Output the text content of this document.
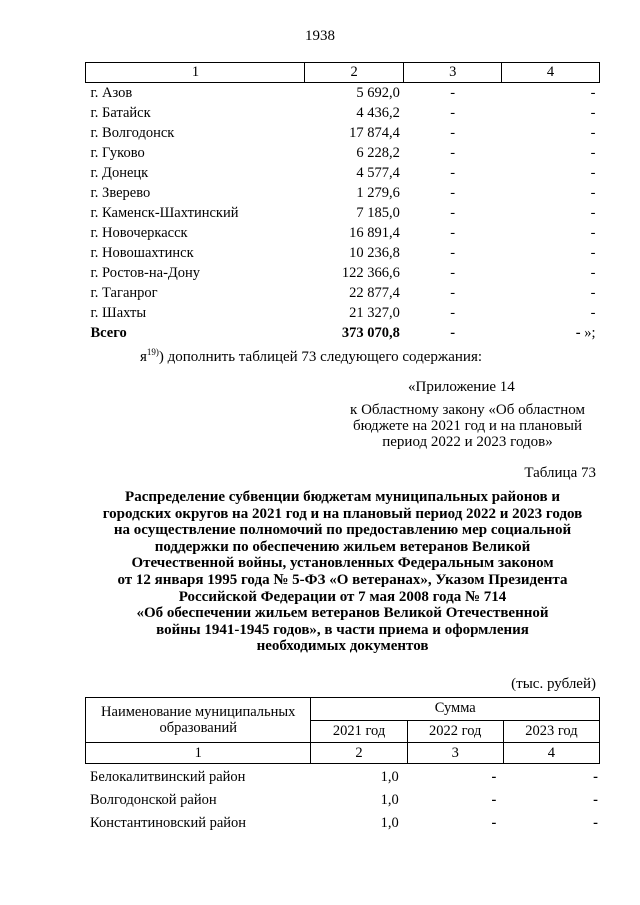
1938
1	2	3	4
г. Азов	5 692,0	-	-
г. Батайск	4 436,2	-	-
г. Волгодонск	17 874,4	-	-
г. Гуково	6 228,2	-	-
г. Донецк	4 577,4	-	-
г. Зверево	1 279,6	-	-
г. Каменск-Шахтинский	7 185,0	-	-
г. Новочеркасск	16 891,4	-	-
г. Новошахтинск	10 236,8	-	-
г. Ростов-на-Дону	122 366,6	-	-
г. Таганрог	22 877,4	-	-
г. Шахты	21 327,0	-	-
Всего	373 070,8	-	- »;
$я^{19)}$) дополнить таблицей 73 следующего содержания:
«Приложение 14
к Областному закону «Об областном бюджете на 2021 год и на плановый период 2022 и 2023 годов»
Таблица 73
Распределение субвенции бюджетам муниципальных районов и
городских округов на 2021 год и на плановый период 2022 и 2023 годов
на осуществление полномочий по предоставлению мер социальной
поддержки по обеспечению жильем ветеранов Великой
Отечественной войны, установленных Федеральным законом
от 12 января 1995 года № 5-ФЗ «О ветеранах», Указом Президента
Российской Федерации от 7 мая 2008 года № 714
«Об обеспечении жильем ветеранов Великой Отечественной
войны 1941-1945 годов», в части приема и оформления
необходимых документов
(тыс. рублей)
Наименование муниципальных образований	Сумма		
	2021 год	2022 год	2023 год
1	2	3	4
Белокалитвинский район	1,0	-	-
Волгодонской район	1,0	-	-
Константиновский район	1,0	-	-
